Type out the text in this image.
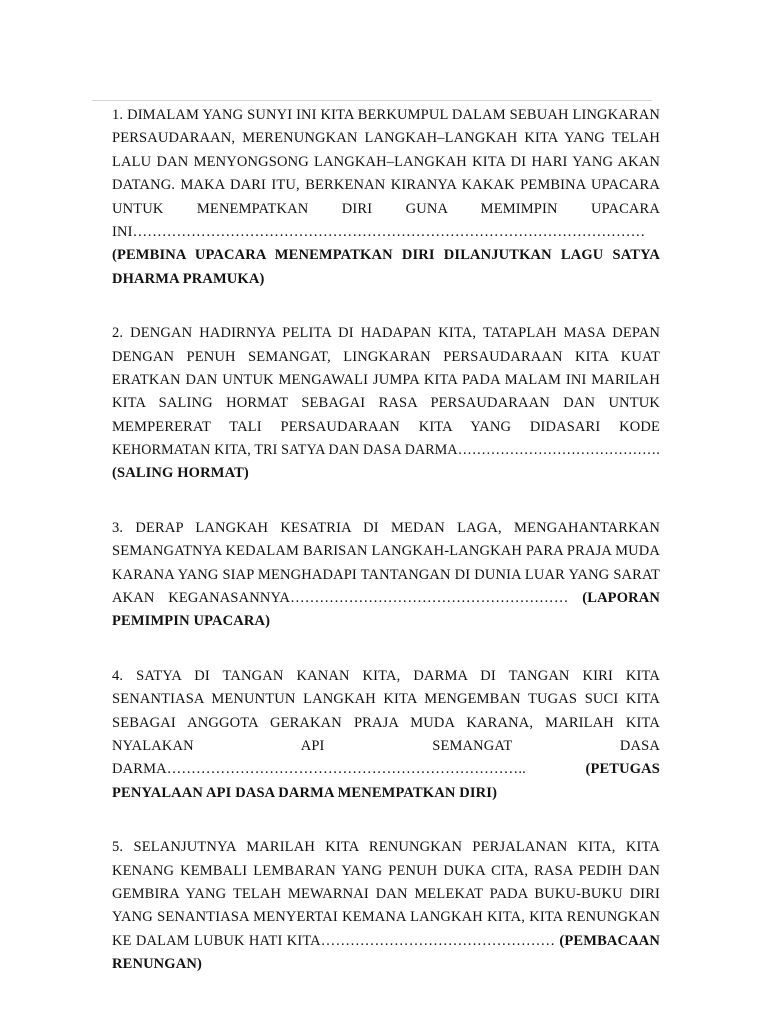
1. DIMALAM YANG SUNYI INI KITA BERKUMPUL DALAM SEBUAH LINGKARAN
PERSAUDARAAN, MERENUNGKAN LANGKAH–LANGKAH KITA YANG TELAH
LALU DAN MENYONGSONG LANGKAH–LANGKAH KITA DI HARI YANG AKAN
DATANG. MAKA DARI ITU, BERKENAN KIRANYA KAKAK PEMBINA UPACARA
UNTUK MENEMPATKAN DIRI GUNA MEMIMPIN UPACARA
INI……………………………………………………………………………………………
(PEMBINA UPACARA MENEMPATKAN DIRI DILANJUTKAN LAGU SATYA
DHARMA PRAMUKA)
2. DENGAN HADIRNYA PELITA DI HADAPAN KITA, TATAPLAH MASA DEPAN
DENGAN PENUH SEMANGAT, LINGKARAN PERSAUDARAAN KITA KUAT
ERATKAN DAN UNTUK MENGAWALI JUMPA KITA PADA MALAM INI MARILAH
KITA SALING HORMAT SEBAGAI RASA PERSAUDARAAN DAN UNTUK
MEMPERERAT TALI PERSAUDARAAN KITA YANG DIDASARI KODE
KEHORMATAN KITA, TRI SATYA DAN DASA DARMA…………………………………….
(SALING HORMAT)
3. DERAP LANGKAH KESATRIA DI MEDAN LAGA, MENGAHANTARKAN
SEMANGATNYA KEDALAM BARISAN LANGKAH-LANGKAH PARA PRAJA MUDA
KARANA YANG SIAP MENGHADAPI TANTANGAN DI DUNIA LUAR YANG SARAT
AKAN KEGANASANNYA………………………………………………… (LAPORAN
PEMIMPIN UPACARA)
4. SATYA DI TANGAN KANAN KITA, DARMA DI TANGAN KIRI KITA
SENANTIASA MENUNTUN LANGKAH KITA MENGEMBAN TUGAS SUCI KITA
SEBAGAI ANGGOTA GERAKAN PRAJA MUDA KARANA, MARILAH KITA
NYALAKAN API SEMANGAT DASA
DARMA……………………………………………………………….. (PETUGAS
PENYALAAN API DASA DARMA MENEMPATKAN DIRI)
5. SELANJUTNYA MARILAH KITA RENUNGKAN PERJALANAN KITA, KITA
KENANG KEMBALI LEMBARAN YANG PENUH DUKA CITA, RASA PEDIH DAN
GEMBIRA YANG TELAH MEWARNAI DAN MELEKAT PADA BUKU-BUKU DIRI
YANG SENANTIASA MENYERTAI KEMANA LANGKAH KITA, KITA RENUNGKAN
KE DALAM LUBUK HATI KITA………………………………………… (PEMBACAAN
RENUNGAN)
